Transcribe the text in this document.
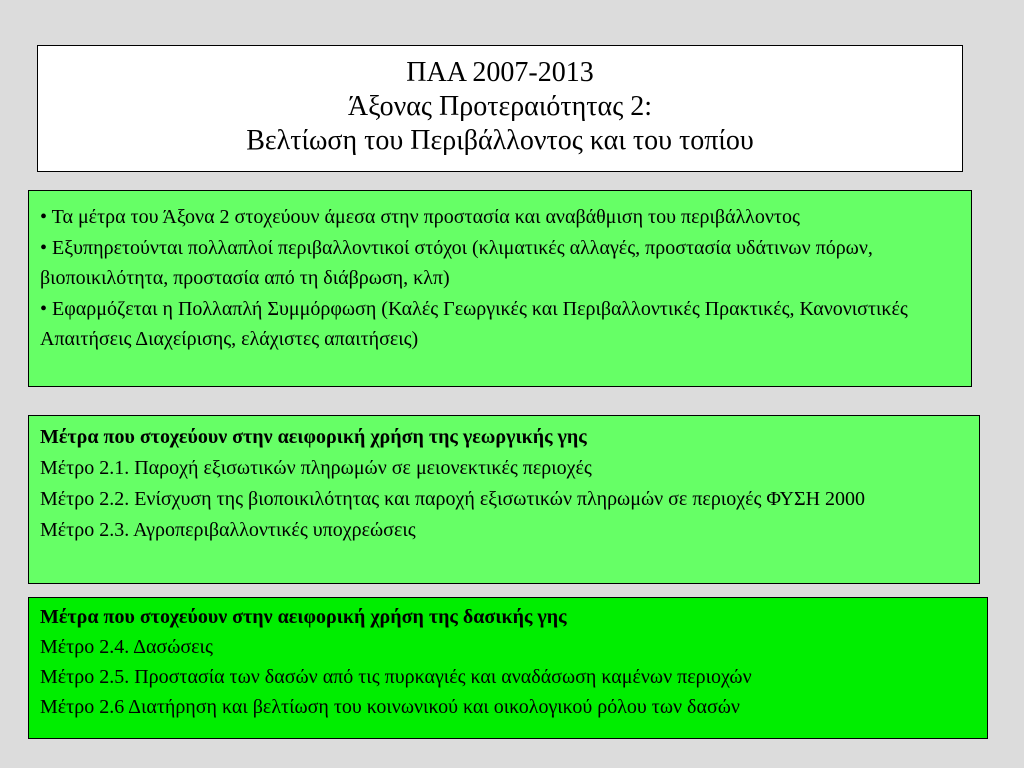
ΠΑΑ 2007-2013
Άξονας Προτεραιότητας 2:
Βελτίωση του Περιβάλλοντος και του τοπίου
• Τα μέτρα του Άξονα 2 στοχεύουν άμεσα στην προστασία και αναβάθμιση του περιβάλλοντος
• Εξυπηρετούνται πολλαπλοί περιβαλλοντικοί στόχοι (κλιματικές αλλαγές, προστασία υδάτινων πόρων, βιοποικιλότητα, προστασία από τη διάβρωση, κλπ)
• Εφαρμόζεται η Πολλαπλή Συμμόρφωση (Καλές Γεωργικές και Περιβαλλοντικές Πρακτικές, Κανονιστικές Απαιτήσεις Διαχείρισης, ελάχιστες απαιτήσεις)
Μέτρα που στοχεύουν στην αειφορική χρήση της γεωργικής γης
Μέτρο 2.1. Παροχή εξισωτικών πληρωμών σε μειονεκτικές περιοχές
Μέτρο 2.2. Ενίσχυση της βιοποικιλότητας και παροχή εξισωτικών πληρωμών σε περιοχές ΦΥΣΗ 2000
Μέτρο 2.3. Αγροπεριβαλλοντικές υποχρεώσεις
Μέτρα που στοχεύουν στην αειφορική χρήση της δασικής γης
Μέτρο 2.4. Δασώσεις
Μέτρο 2.5. Προστασία των δασών από τις πυρκαγιές και αναδάσωση καμένων περιοχών
Μέτρο 2.6 Διατήρηση και βελτίωση του κοινωνικού και οικολογικού ρόλου των δασών
